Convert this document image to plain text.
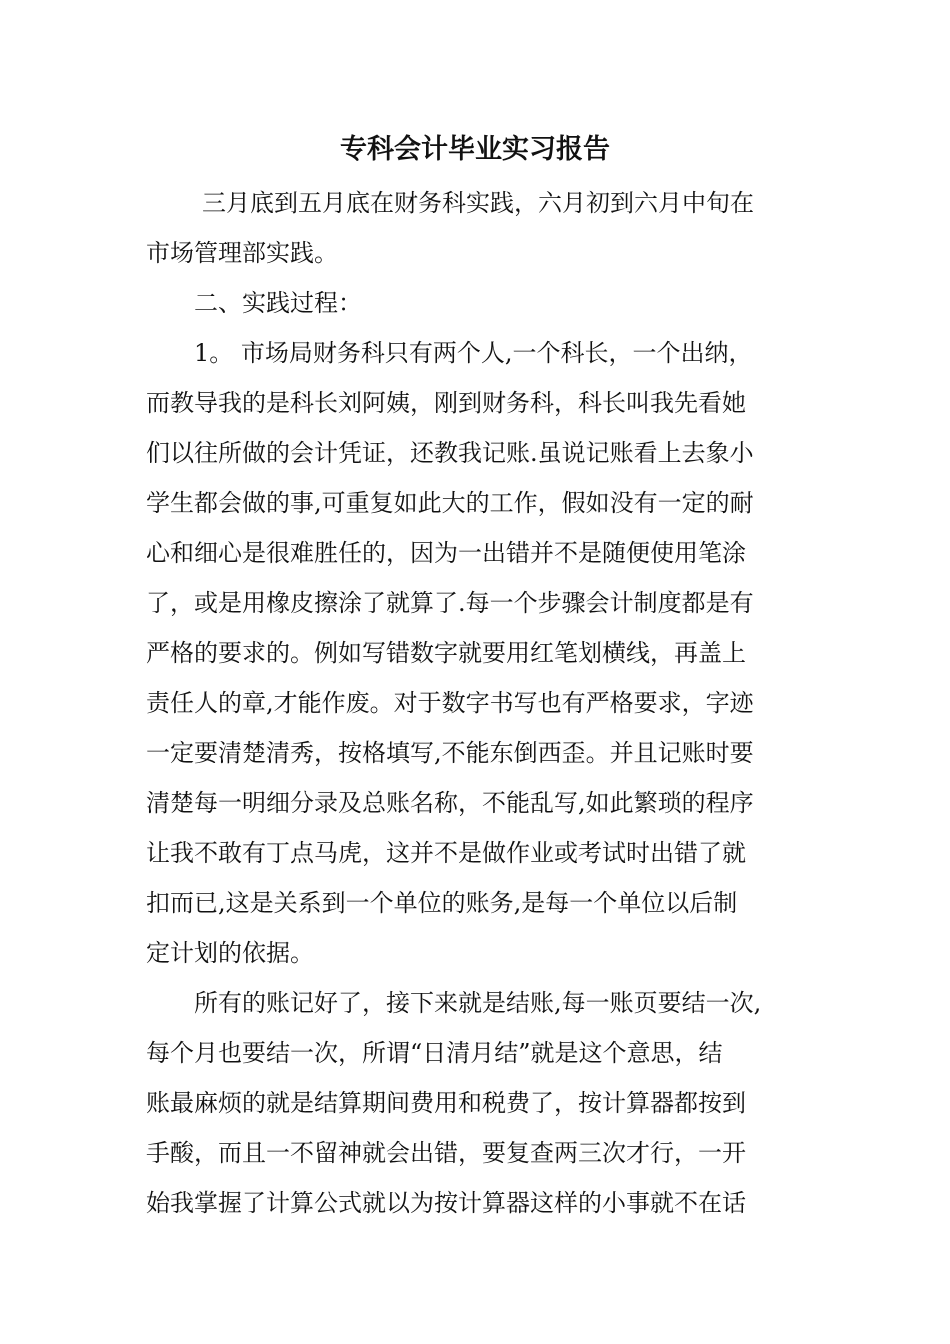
专科会计毕业实习报告
三月底到五月底在财务科实践，六月初到六月中旬在
市场管理部实践。
二、实践过程：
1。 市场局财务科只有两个人,一个科长，一个出纳，
而教导我的是科长刘阿姨，刚到财务科，科长叫我先看她
们以往所做的会计凭证，还教我记账.虽说记账看上去象小
学生都会做的事,可重复如此大的工作，假如没有一定的耐
心和细心是很难胜任的，因为一出错并不是随便使用笔涂
了，或是用橡皮擦涂了就算了.每一个步骤会计制度都是有
严格的要求的。例如写错数字就要用红笔划横线，再盖上
责任人的章,才能作废。对于数字书写也有严格要求，字迹
一定要清楚清秀，按格填写,不能东倒西歪。并且记账时要
清楚每一明细分录及总账名称，不能乱写,如此繁琐的程序
让我不敢有丁点马虎，这并不是做作业或考试时出错了就
扣而已,这是关系到一个单位的账务,是每一个单位以后制
定计划的依据。
所有的账记好了，接下来就是结账,每一账页要结一次,
每个月也要结一次，所谓“日清月结”就是这个意思，结
账最麻烦的就是结算期间费用和税费了，按计算器都按到
手酸，而且一不留神就会出错，要复查两三次才行，一开
始我掌握了计算公式就以为按计算器这样的小事就不在话
